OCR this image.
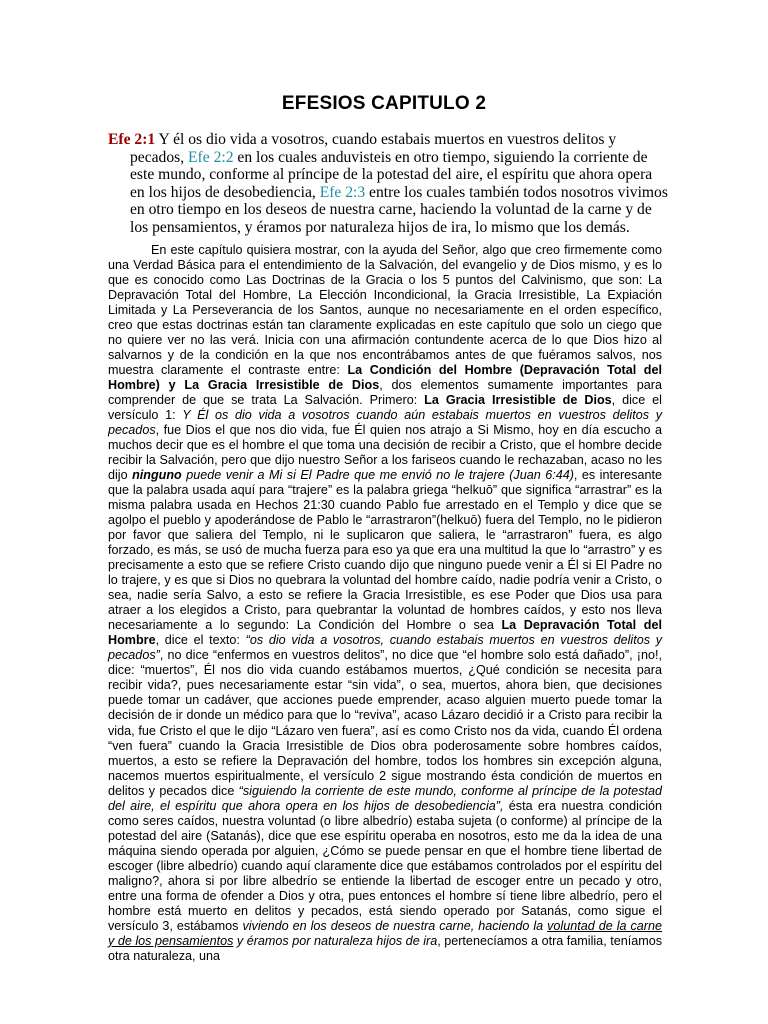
EFESIOS CAPITULO 2

Efe 2:1 Y él os dio vida a vosotros, cuando estabais muertos en vuestros delitos y pecados, Efe 2:2 en los cuales anduvisteis en otro tiempo, siguiendo la corriente de este mundo, conforme al príncipe de la potestad del aire, el espíritu que ahora opera en los hijos de desobediencia, Efe 2:3 entre los cuales también todos nosotros vivimos en otro tiempo en los deseos de nuestra carne, haciendo la voluntad de la carne y de los pensamientos, y éramos por naturaleza hijos de ira, lo mismo que los demás.

En este capítulo quisiera mostrar, con la ayuda del Señor, algo que creo firmemente como una Verdad Básica para el entendimiento de la Salvación, del evangelio y de Dios mismo, y es lo que es conocido como Las Doctrinas de la Gracia o los 5 puntos del Calvinismo, que son: La Depravación Total del Hombre, La Elección Incondicional, la Gracia Irresistible, La Expiación Limitada y La Perseverancia de los Santos, aunque no necesariamente en el orden específico, creo que estas doctrinas están tan claramente explicadas en este capítulo que solo un ciego que no quiere ver no las verá. Inicia con una afirmación contundente acerca de lo que Dios hizo al salvarnos y de la condición en la que nos encontrábamos antes de que fuéramos salvos, nos muestra claramente el contraste entre: La Condición del Hombre (Depravación Total del Hombre) y La Gracia Irresistible de Dios, dos elementos sumamente importantes para comprender de que se trata La Salvación. Primero: La Gracia Irresistible de Dios, dice el versículo 1: Y Él os dio vida a vosotros cuando aún estabais muertos en vuestros delitos y pecados, fue Dios el que nos dio vida, fue Él quien nos atrajo a Si Mismo, hoy en día escucho a muchos decir que es el hombre el que toma una decisión de recibir a Cristo, que el hombre decide recibir la Salvación, pero que dijo nuestro Señor a los fariseos cuando le rechazaban, acaso no les dijo ninguno puede venir a Mi si El Padre que me envió no le trajere (Juan 6:44), es interesante que la palabra usada aquí para “trajere” es la palabra griega “helkuō” que significa “arrastrar” es la misma palabra usada en Hechos 21:30 cuando Pablo fue arrestado en el Templo y dice que se agolpo el pueblo y apoderándose de Pablo le “arrastraron”(helkuō) fuera del Templo, no le pidieron por favor que saliera del Templo, ni le suplicaron que saliera, le “arrastraron” fuera, es algo forzado, es más, se usó de mucha fuerza para eso ya que era una multitud la que lo “arrastro” y es precisamente a esto que se refiere Cristo cuando dijo que ninguno puede venir a Él si El Padre no lo trajere, y es que si Dios no quebrara la voluntad del hombre caído, nadie podría venir a Cristo, o sea, nadie sería Salvo, a esto se refiere la Gracia Irresistible, es ese Poder que Dios usa para atraer a los elegidos a Cristo, para quebrantar la voluntad de hombres caídos, y esto nos lleva necesariamente a lo segundo: La Condición del Hombre o sea La Depravación Total del Hombre, dice el texto: “os dio vida a vosotros, cuando estabais muertos en vuestros delitos y pecados”, no dice “enfermos en vuestros delitos”, no dice que “el hombre solo está dañado”, ¡no!, dice: “muertos”, Él nos dio vida cuando estábamos muertos, ¿Qué condición se necesita para recibir vida?, pues necesariamente estar “sin vida”, o sea, muertos, ahora bien, que decisiones puede tomar un cadáver, que acciones puede emprender, acaso alguien muerto puede tomar la decisión de ir donde un médico para que lo “reviva”, acaso Lázaro decidió ir a Cristo para recibir la vida, fue Cristo el que le dijo “Lázaro ven fuera”, así es como Cristo nos da vida, cuando Él ordena “ven fuera” cuando la Gracia Irresistible de Dios obra poderosamente sobre hombres caídos, muertos, a esto se refiere la Depravación del hombre, todos los hombres sin excepción alguna, nacemos muertos espiritualmente, el versículo 2 sigue mostrando ésta condición de muertos en delitos y pecados dice “siguiendo la corriente de este mundo, conforme al príncipe de la potestad del aire, el espíritu que ahora opera en los hijos de desobediencia”, ésta era nuestra condición como seres caídos, nuestra voluntad (o libre albedrío) estaba sujeta (o conforme) al príncipe de la potestad del aire (Satanás), dice que ese espíritu operaba en nosotros, esto me da la idea de una máquina siendo operada por alguien, ¿Cómo se puede pensar en que el hombre tiene libertad de escoger (libre albedrío) cuando aquí claramente dice que estábamos controlados por el espíritu del maligno?, ahora si por libre albedrío se entiende la libertad de escoger entre un pecado y otro, entre una forma de ofender a Dios y otra, pues entonces el hombre sí tiene libre albedrío, pero el hombre está muerto en delitos y pecados, está siendo operado por Satanás, como sigue el versículo 3, estábamos viviendo en los deseos de nuestra carne, haciendo la voluntad de la carne y de los pensamientos y éramos por naturaleza hijos de ira, pertenecíamos a otra familia, teníamos otra naturaleza, una
